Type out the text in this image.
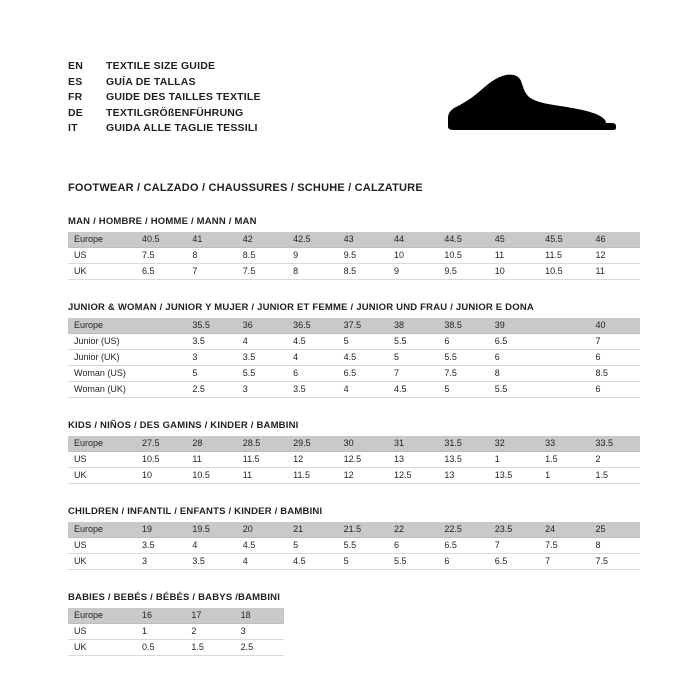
EN	TEXTILE SIZE GUIDE
ES	GUÍA DE TALLAS
FR	GUIDE DES TAILLES TEXTILE
DE	TEXTILGRÖßENFÜHRUNG
IT	GUIDA ALLE TAGLIE TESSILI
FOOTWEAR / CALZADO / CHAUSSURES / SCHUHE / CALZATURE
MAN / HOMBRE / HOMME / MANN / MAN
Europe	40.5	41	42	42.5	43	44	44.5	45	45.5	46
US	7.5	8	8.5	9	9.5	10	10.5	11	11.5	12
UK	6.5	7	7.5	8	8.5	9	9.5	10	10.5	11
JUNIOR & WOMAN / JUNIOR Y MUJER / JUNIOR ET FEMME / JUNIOR UND FRAU / JUNIOR E DONA
Europe		35.5	36	36.5	37.5	38	38.5	39		40
Junior (US)		3.5	4	4.5	5	5.5	6	6.5		7
Junior (UK)		3	3.5	4	4.5	5	5.5	6		6
Woman (US)		5	5.5	6	6.5	7	7.5	8		8.5
Woman (UK)		2.5	3	3.5	4	4.5	5	5.5		6
KIDS / NIÑOS / DES GAMINS / KINDER / BAMBINI
Europe	27.5	28	28.5	29.5	30	31	31.5	32	33	33.5
US	10.5	11	11.5	12	12.5	13	13.5	1	1.5	2
UK	10	10.5	11	11.5	12	12.5	13	13.5	1	1.5
CHILDREN / INFANTIL / ENFANTS / KINDER / BAMBINI
Europe	19	19.5	20	21	21.5	22	22.5	23.5	24	25
US	3.5	4	4.5	5	5.5	6	6.5	7	7.5	8
UK	3	3.5	4	4.5	5	5.5	6	6.5	7	7.5
BABIES / BEBÉS / BÉBÉS / BABYS /BAMBINI
Europe	16	17	18
US	1	2	3
UK	0.5	1.5	2.5
